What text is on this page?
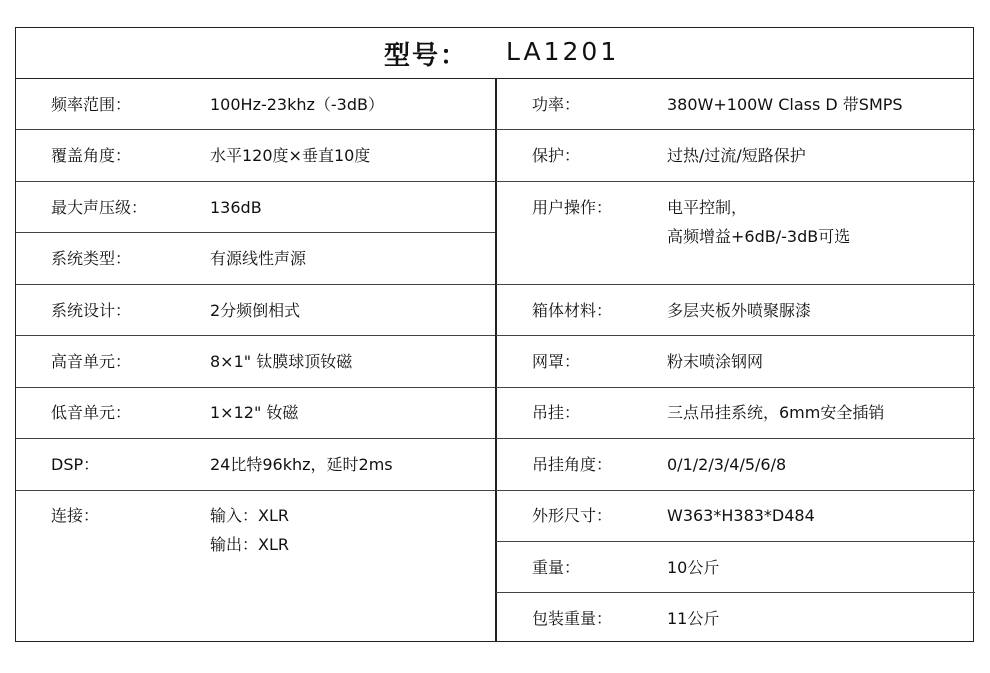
型号： LA1201
频率范围：	100Hz-23khz（-3dB）
覆盖角度：	水平120度×垂直10度
最大声压级：	136dB
系统类型：	有源线性声源
系统设计：	2分频倒相式
高音单元：	8×1" 钛膜球顶钕磁
低音单元：	1×12" 钕磁
DSP：	24比特96khz，延时2ms
连接：	输入：XLR
输出：XLR
功率：	380W+100W Class D 带SMPS
保护：	过热/过流/短路保护
用户操作：	电平控制，
高频增益+6dB/-3dB可选
箱体材料：	多层夹板外喷聚脲漆
网罩：	粉末喷涂钢网
吊挂：	三点吊挂系统，6mm安全插销
吊挂角度：	0/1/2/3/4/5/6/8
外形尺寸：	W363*H383*D484
重量：	10公斤
包装重量：	11公斤
